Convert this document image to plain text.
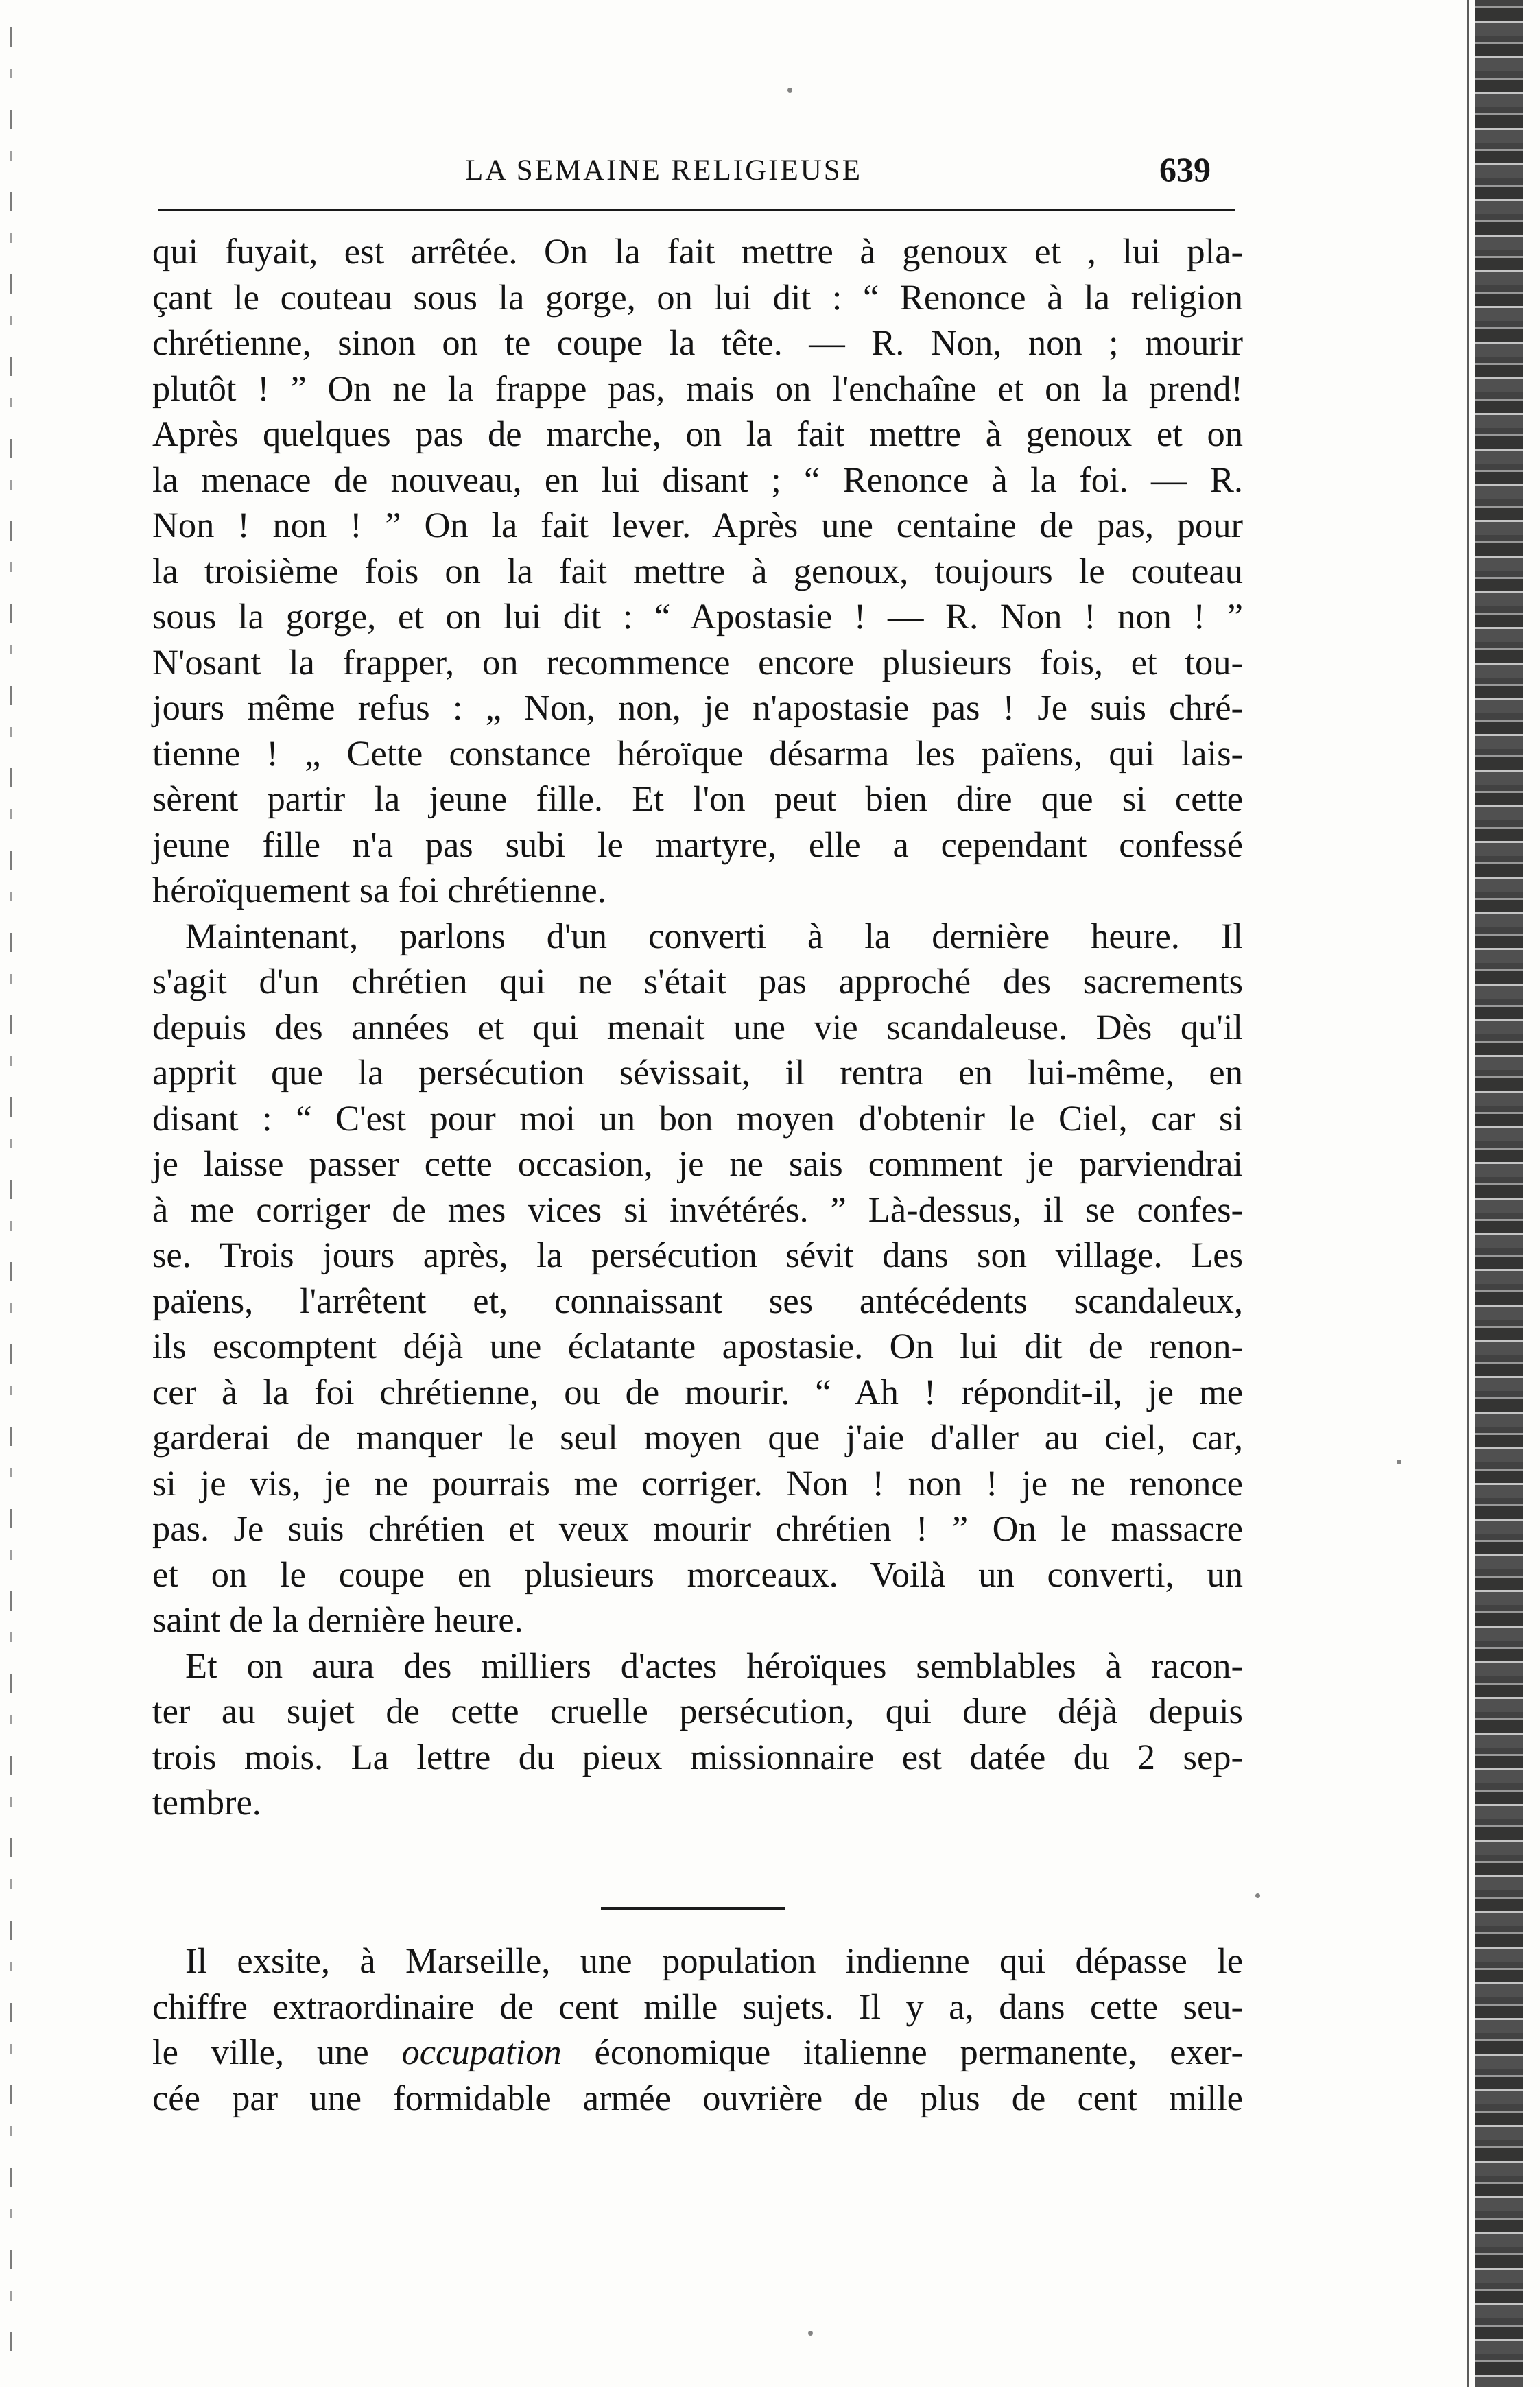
LA SEMAINE RELIGIEUSE	639

qui fuyait, est arrêtée. On la fait mettre à genoux et , lui pla-
çant le couteau sous la gorge, on lui dit : “ Renonce à la religion
chrétienne, sinon on te coupe la tête. — R. Non, non ; mourir
plutôt ! ” On ne la frappe pas, mais on l'enchaîne et on la prend!
Après quelques pas de marche, on la fait mettre à genoux et on
la menace de nouveau, en lui disant ; “ Renonce à la foi. — R.
Non ! non ! ” On la fait lever. Après une centaine de pas, pour
la troisième fois on la fait mettre à genoux, toujours le couteau
sous la gorge, et on lui dit : “ Apostasie ! — R. Non ! non ! ”
N'osant la frapper, on recommence encore plusieurs fois, et tou-
jours même refus : „ Non, non, je n'apostasie pas ! Je suis chré-
tienne ! „ Cette constance héroïque désarma les païens, qui lais-
sèrent partir la jeune fille. Et l'on peut bien dire que si cette
jeune fille n'a pas subi le martyre, elle a cependant confessé
héroïquement sa foi chrétienne.

Maintenant, parlons d'un converti à la dernière heure. Il
s'agit d'un chrétien qui ne s'était pas approché des sacrements
depuis des années et qui menait une vie scandaleuse. Dès qu'il
apprit que la persécution sévissait, il rentra en lui-même, en
disant : “ C'est pour moi un bon moyen d'obtenir le Ciel, car si
je laisse passer cette occasion, je ne sais comment je parviendrai
à me corriger de mes vices si invétérés. ” Là-dessus, il se confes-
se. Trois jours après, la persécution sévit dans son village. Les
païens, l'arrêtent et, connaissant ses antécédents scandaleux,
ils escomptent déjà une éclatante apostasie. On lui dit de renon-
cer à la foi chrétienne, ou de mourir. “ Ah ! répondit-il, je me
garderai de manquer le seul moyen que j'aie d'aller au ciel, car,
si je vis, je ne pourrais me corriger. Non ! non ! je ne renonce
pas. Je suis chrétien et veux mourir chrétien ! ” On le massacre
et on le coupe en plusieurs morceaux. Voilà un converti, un
saint de la dernière heure.

Et on aura des milliers d'actes héroïques semblables à racon-
ter au sujet de cette cruelle persécution, qui dure déjà depuis
trois mois. La lettre du pieux missionnaire est datée du 2 sep-
tembre.

Il exsite, à Marseille, une population indienne qui dépasse le
chiffre extraordinaire de cent mille sujets. Il y a, dans cette seu-
le ville, une occupation économique italienne permanente, exer-
cée par une formidable armée ouvrière de plus de cent mille
